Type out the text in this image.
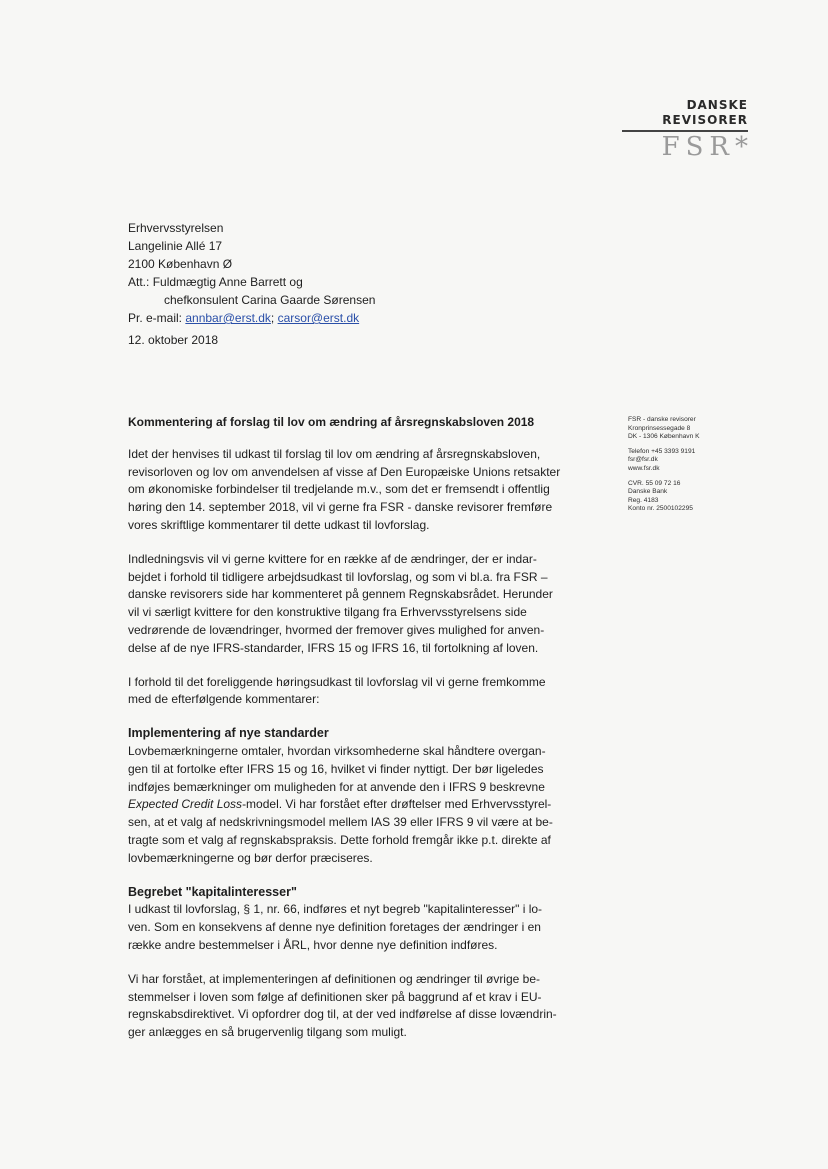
DANSKE
REVISORER
FSR*
Erhvervsstyrelsen
Langelinie Allé 17
2100 København Ø
Att.: Fuldmægtig Anne Barrett og
chefkonsulent Carina Gaarde Sørensen
Pr. e-mail: annbar@erst.dk; carsor@erst.dk
12. oktober 2018
FSR - danske revisorer
Kronprinsessegade 8
DK - 1306 København K
Telefon +45 3393 9191
fsr@fsr.dk
www.fsr.dk
CVR. 55 09 72 16
Danske Bank
Reg. 4183
Konto nr. 2500102295

Kommentering af forslag til lov om ændring af årsregnskabsloven 2018

Idet der henvises til udkast til forslag til lov om ændring af årsregnskabsloven,
revisorloven og lov om anvendelsen af visse af Den Europæiske Unions retsakter
om økonomiske forbindelser til tredjelande m.v., som det er fremsendt i offentlig
høring den 14. september 2018, vil vi gerne fra FSR - danske revisorer fremføre
vores skriftlige kommentarer til dette udkast til lovforslag.
Indledningsvis vil vi gerne kvittere for en række af de ændringer, der er indar-
bejdet i forhold til tidligere arbejdsudkast til lovforslag, og som vi bl.a. fra FSR –
danske revisorers side har kommenteret på gennem Regnskabsrådet. Herunder
vil vi særligt kvittere for den konstruktive tilgang fra Erhvervsstyrelsens side
vedrørende de lovændringer, hvormed der fremover gives mulighed for anven-
delse af de nye IFRS-standarder, IFRS 15 og IFRS 16, til fortolkning af loven.
I forhold til det foreliggende høringsudkast til lovforslag vil vi gerne fremkomme
med de efterfølgende kommentarer:
Implementering af nye standarder
Lovbemærkningerne omtaler, hvordan virksomhederne skal håndtere overgan-
gen til at fortolke efter IFRS 15 og 16, hvilket vi finder nyttigt. Der bør ligeledes
indføjes bemærkninger om muligheden for at anvende den i IFRS 9 beskrevne
Expected Credit Loss-model. Vi har forstået efter drøftelser med Erhvervsstyrel-
sen, at et valg af nedskrivningsmodel mellem IAS 39 eller IFRS 9 vil være at be-
tragte som et valg af regnskabspraksis. Dette forhold fremgår ikke p.t. direkte af
lovbemærkningerne og bør derfor præciseres.
Begrebet "kapitalinteresser"
I udkast til lovforslag, § 1, nr. 66, indføres et nyt begreb "kapitalinteresser" i lo-
ven. Som en konsekvens af denne nye definition foretages der ændringer i en
række andre bestemmelser i ÅRL, hvor denne nye definition indføres.
Vi har forstået, at implementeringen af definitionen og ændringer til øvrige be-
stemmelser i loven som følge af definitionen sker på baggrund af et krav i EU-
regnskabsdirektivet. Vi opfordrer dog til, at der ved indførelse af disse lovændrin-
ger anlægges en så brugervenlig tilgang som muligt.
